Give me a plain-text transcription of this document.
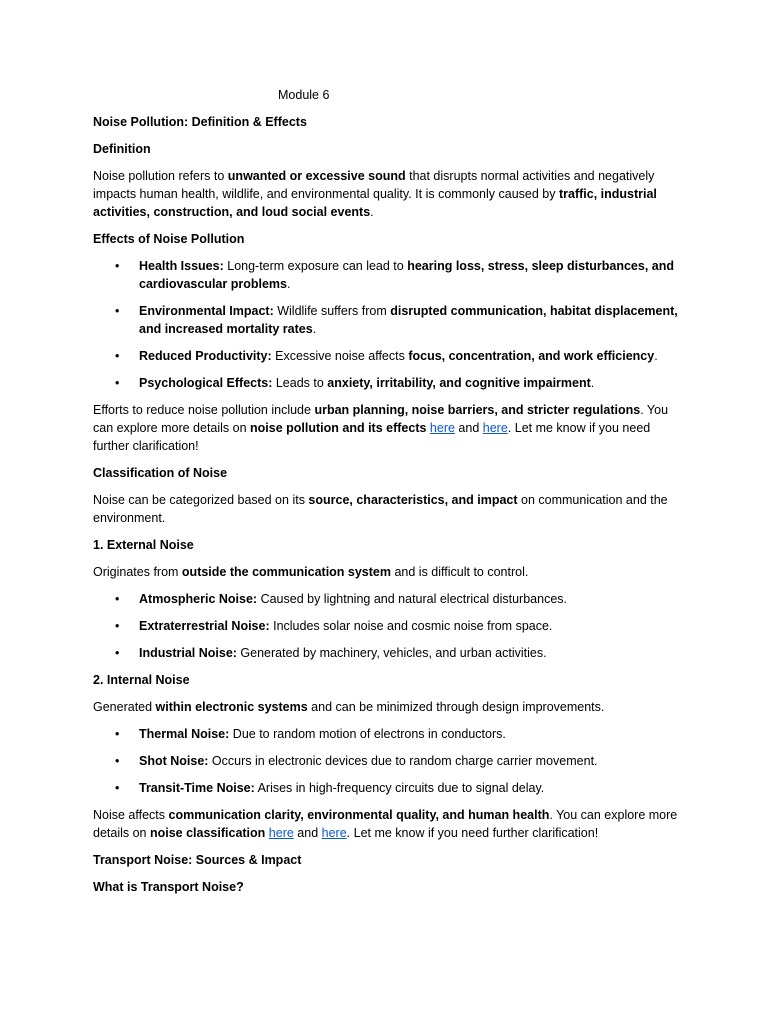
Module 6
Noise Pollution: Definition & Effects
Definition
Noise pollution refers to unwanted or excessive sound that disrupts normal activities and negatively impacts human health, wildlife, and environmental quality. It is commonly caused by traffic, industrial activities, construction, and loud social events.
Effects of Noise Pollution
• Health Issues: Long-term exposure can lead to hearing loss, stress, sleep disturbances, and cardiovascular problems.
• Environmental Impact: Wildlife suffers from disrupted communication, habitat displacement, and increased mortality rates.
• Reduced Productivity: Excessive noise affects focus, concentration, and work efficiency.
• Psychological Effects: Leads to anxiety, irritability, and cognitive impairment.
Efforts to reduce noise pollution include urban planning, noise barriers, and stricter regulations. You can explore more details on noise pollution and its effects here and here. Let me know if you need further clarification!
Classification of Noise
Noise can be categorized based on its source, characteristics, and impact on communication and the environment.
1. External Noise
Originates from outside the communication system and is difficult to control.
• Atmospheric Noise: Caused by lightning and natural electrical disturbances.
• Extraterrestrial Noise: Includes solar noise and cosmic noise from space.
• Industrial Noise: Generated by machinery, vehicles, and urban activities.
2. Internal Noise
Generated within electronic systems and can be minimized through design improvements.
• Thermal Noise: Due to random motion of electrons in conductors.
• Shot Noise: Occurs in electronic devices due to random charge carrier movement.
• Transit-Time Noise: Arises in high-frequency circuits due to signal delay.
Noise affects communication clarity, environmental quality, and human health. You can explore more details on noise classification here and here. Let me know if you need further clarification!
Transport Noise: Sources & Impact
What is Transport Noise?
